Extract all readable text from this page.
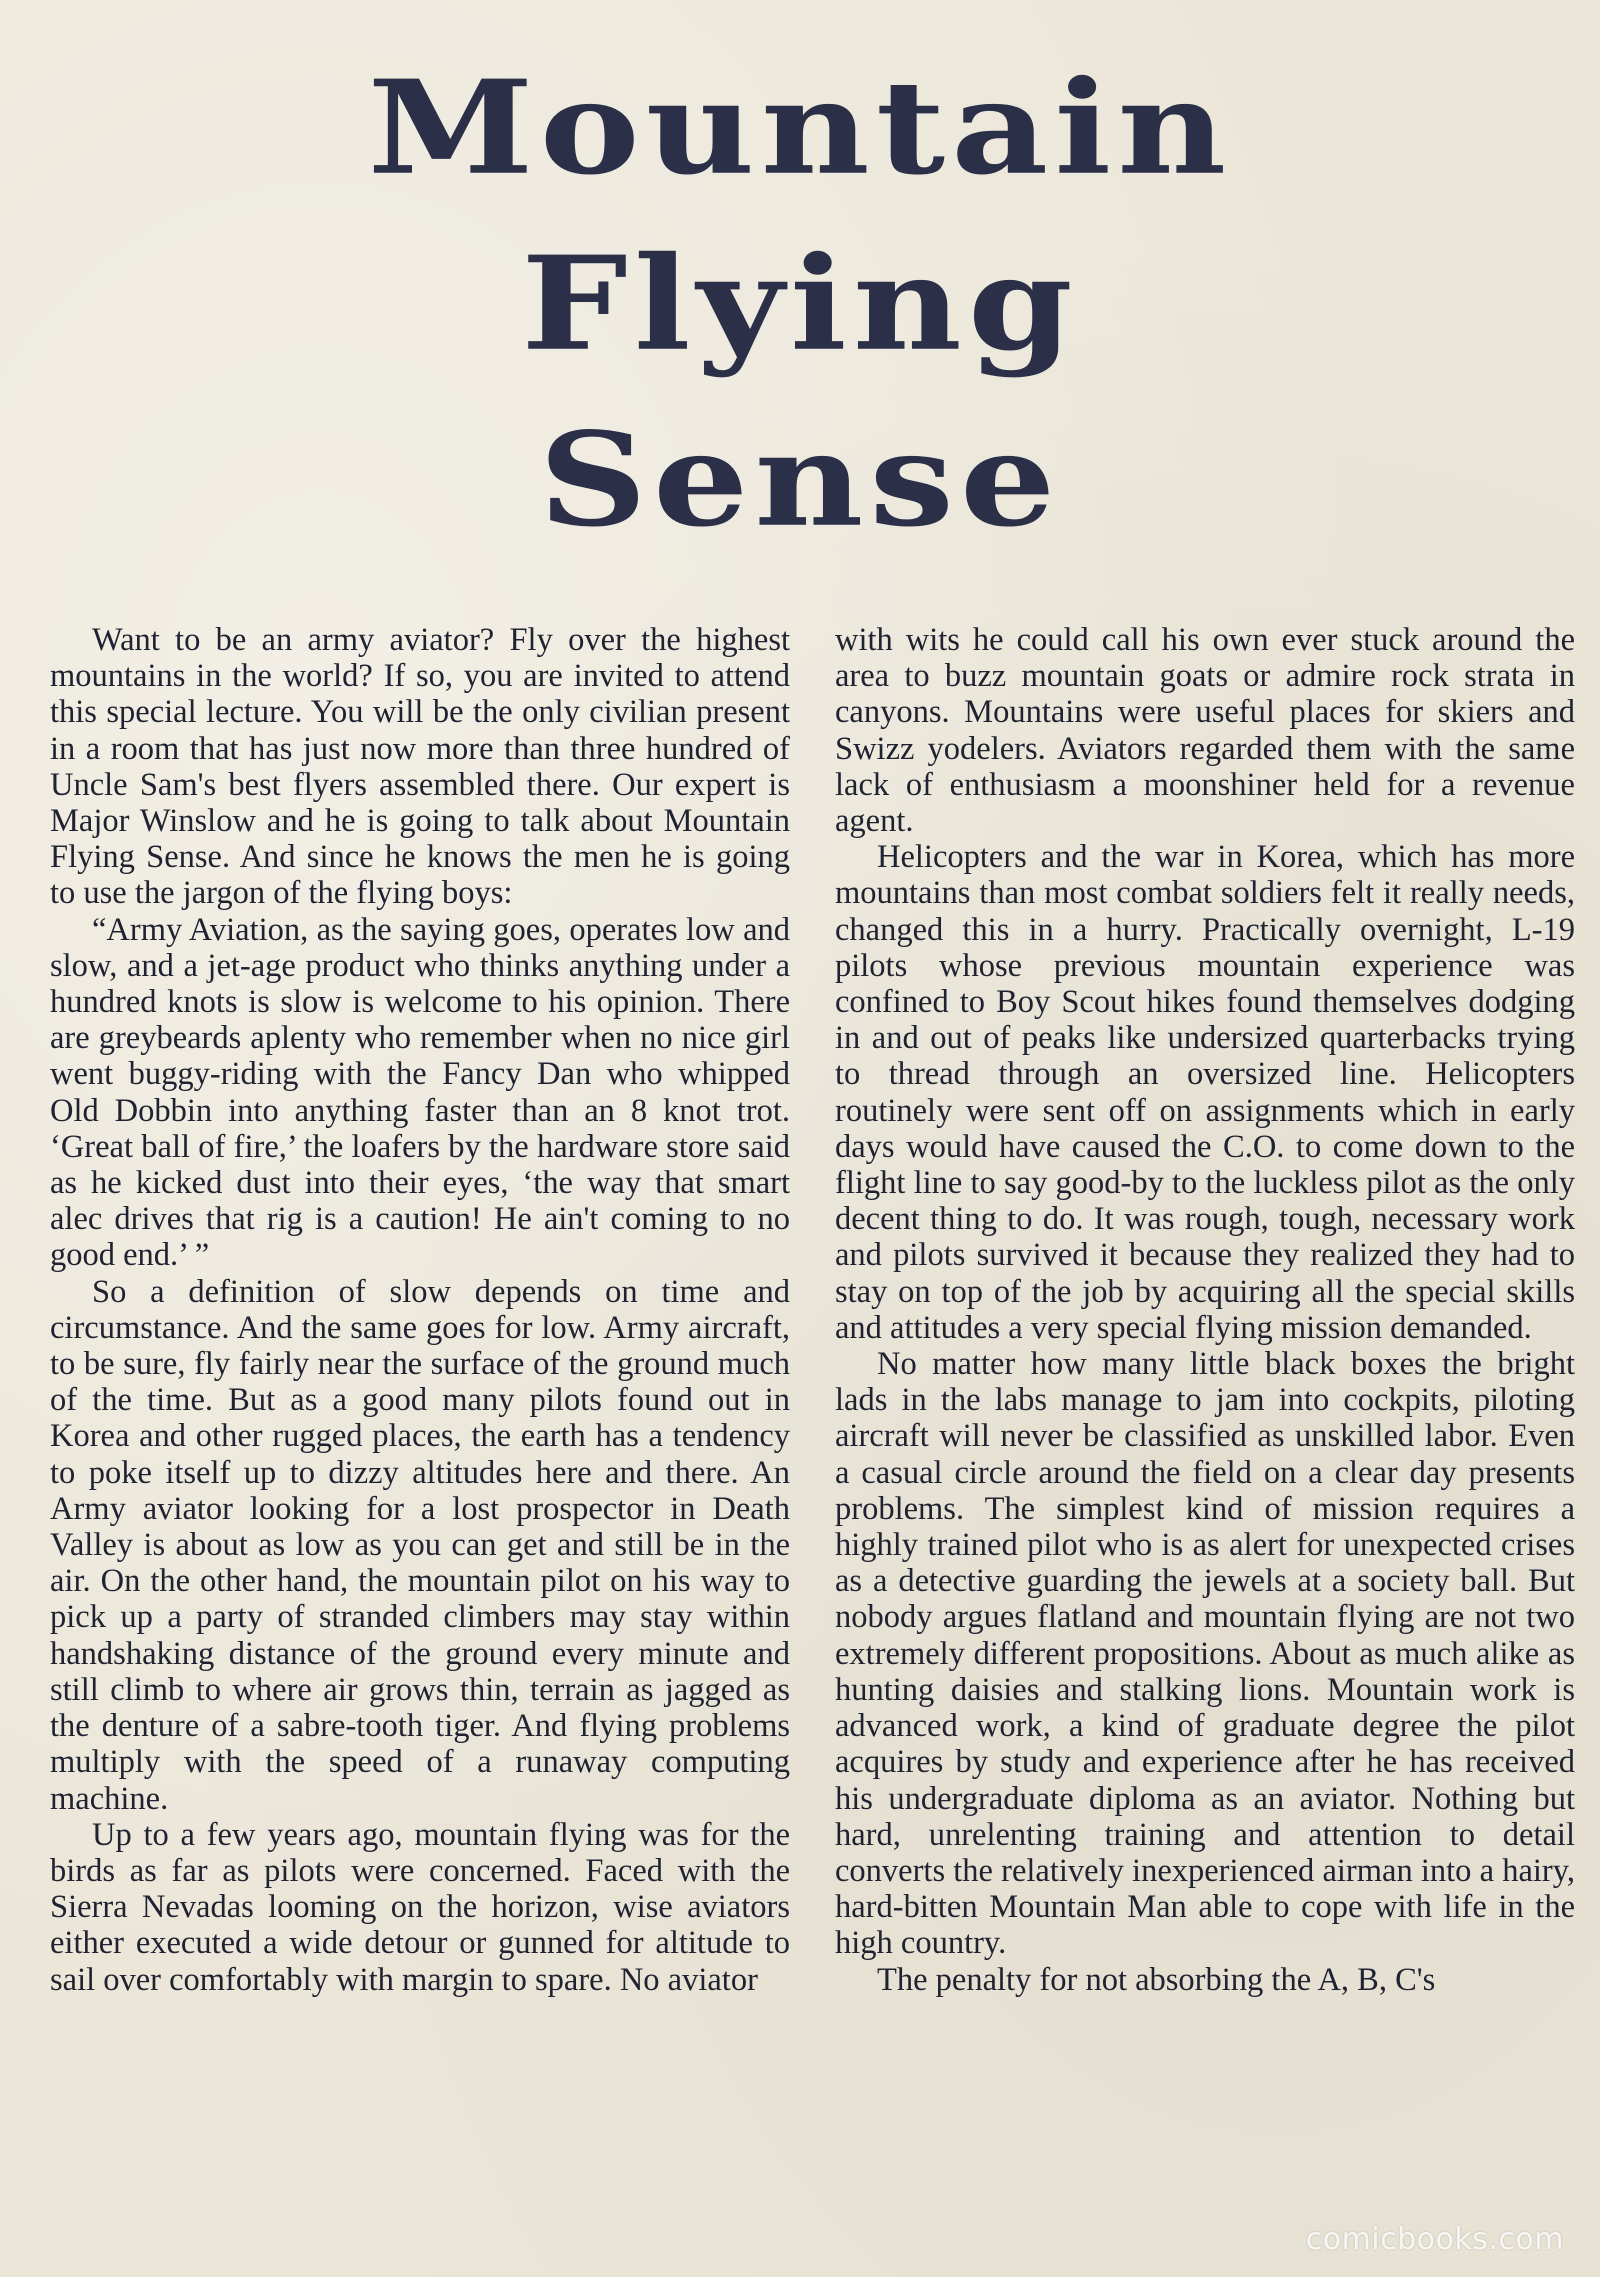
Mountain
Flying
Sense

Want to be an army aviator? Fly over the highest mountains in the world? If so, you are invited to attend this special lecture. You will be the only civilian present in a room that has just now more than three hundred of Uncle Sam's best flyers assembled there. Our expert is Major Winslow and he is going to talk about Mountain Flying Sense. And since he knows the men he is going to use the jargon of the flying boys:

“Army Aviation, as the saying goes, operates low and slow, and a jet-age product who thinks anything under a hundred knots is slow is welcome to his opinion. There are greybeards aplenty who remember when no nice girl went buggy-riding with the Fancy Dan who whipped Old Dobbin into anything faster than an 8 knot trot. ‘Great ball of fire,’ the loafers by the hardware store said as he kicked dust into their eyes, ‘the way that smart alec drives that rig is a caution! He ain't coming to no good end.’ ”

So a definition of slow depends on time and circumstance. And the same goes for low. Army aircraft, to be sure, fly fairly near the surface of the ground much of the time. But as a good many pilots found out in Korea and other rugged places, the earth has a tendency to poke itself up to dizzy altitudes here and there. An Army aviator looking for a lost prospector in Death Valley is about as low as you can get and still be in the air. On the other hand, the mountain pilot on his way to pick up a party of stranded climbers may stay within handshaking distance of the ground every minute and still climb to where air grows thin, terrain as jagged as the denture of a sabre-tooth tiger. And flying problems multiply with the speed of a runaway computing machine.

Up to a few years ago, mountain flying was for the birds as far as pilots were concerned. Faced with the Sierra Nevadas looming on the horizon, wise aviators either executed a wide detour or gunned for altitude to sail over comfortably with margin to spare. No aviator

with wits he could call his own ever stuck around the area to buzz mountain goats or admire rock strata in canyons. Mountains were useful places for skiers and Swizz yodelers. Aviators regarded them with the same lack of enthusiasm a moonshiner held for a revenue agent.

Helicopters and the war in Korea, which has more mountains than most combat soldiers felt it really needs, changed this in a hurry. Practically overnight, L-19 pilots whose previous mountain experience was confined to Boy Scout hikes found themselves dodging in and out of peaks like undersized quarterbacks trying to thread through an oversized line. Helicopters routinely were sent off on assignments which in early days would have caused the C.O. to come down to the flight line to say good-by to the luckless pilot as the only decent thing to do. It was rough, tough, necessary work and pilots survived it because they realized they had to stay on top of the job by acquiring all the special skills and attitudes a very special flying mission demanded.

No matter how many little black boxes the bright lads in the labs manage to jam into cockpits, piloting aircraft will never be classified as unskilled labor. Even a casual circle around the field on a clear day presents problems. The simplest kind of mission requires a highly trained pilot who is as alert for unexpected crises as a detective guarding the jewels at a society ball. But nobody argues flatland and mountain flying are not two extremely different propositions. About as much alike as hunting daisies and stalking lions. Mountain work is advanced work, a kind of graduate degree the pilot acquires by study and experience after he has received his undergraduate diploma as an aviator. Nothing but hard, unrelenting training and attention to detail converts the relatively inexperienced airman into a hairy, hard-bitten Mountain Man able to cope with life in the high country.

The penalty for not absorbing the A, B, C's

comicbooks.com
